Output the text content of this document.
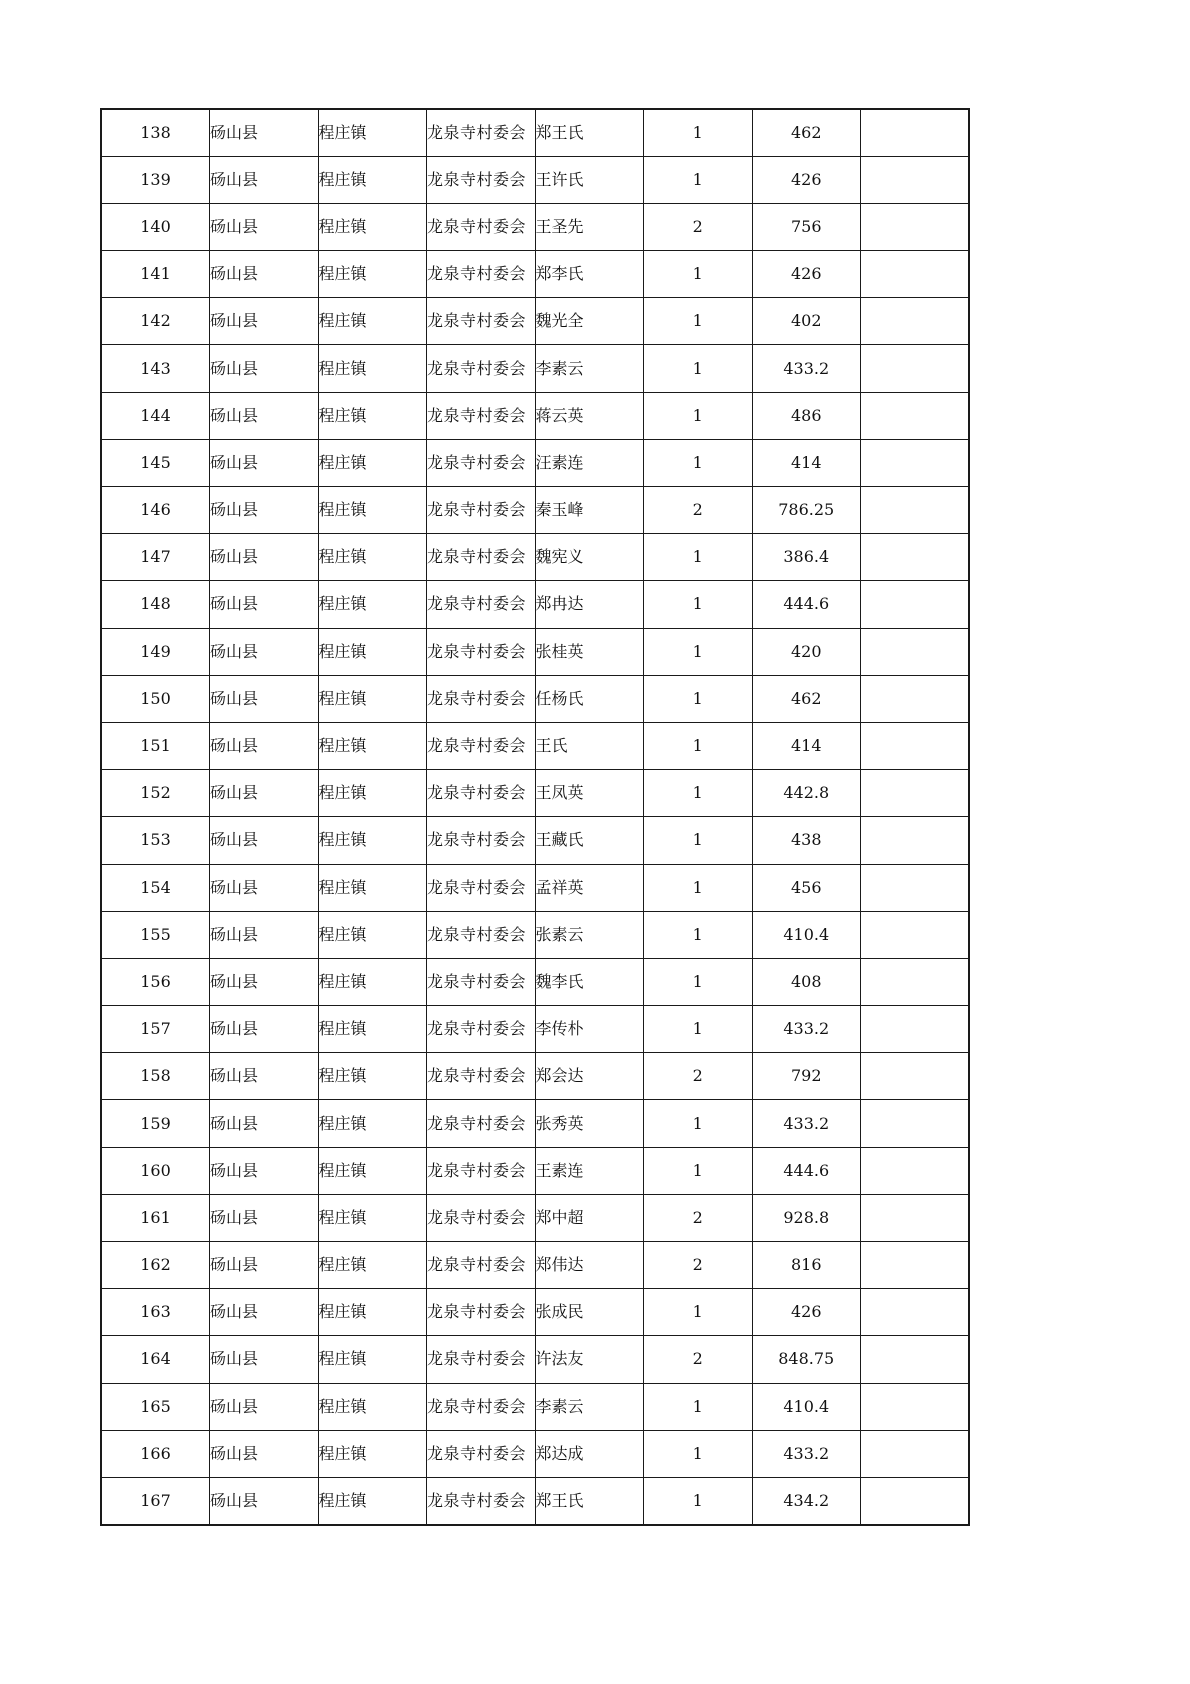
138	砀山县	程庄镇	龙泉寺村委会	郑王氏	1	462	
139	砀山县	程庄镇	龙泉寺村委会	王许氏	1	426	
140	砀山县	程庄镇	龙泉寺村委会	王圣先	2	756	
141	砀山县	程庄镇	龙泉寺村委会	郑李氏	1	426	
142	砀山县	程庄镇	龙泉寺村委会	魏光全	1	402	
143	砀山县	程庄镇	龙泉寺村委会	李素云	1	433.2	
144	砀山县	程庄镇	龙泉寺村委会	蒋云英	1	486	
145	砀山县	程庄镇	龙泉寺村委会	汪素连	1	414	
146	砀山县	程庄镇	龙泉寺村委会	秦玉峰	2	786.25	
147	砀山县	程庄镇	龙泉寺村委会	魏宪义	1	386.4	
148	砀山县	程庄镇	龙泉寺村委会	郑冉达	1	444.6	
149	砀山县	程庄镇	龙泉寺村委会	张桂英	1	420	
150	砀山县	程庄镇	龙泉寺村委会	任杨氏	1	462	
151	砀山县	程庄镇	龙泉寺村委会	王氏	1	414	
152	砀山县	程庄镇	龙泉寺村委会	王凤英	1	442.8	
153	砀山县	程庄镇	龙泉寺村委会	王藏氏	1	438	
154	砀山县	程庄镇	龙泉寺村委会	孟祥英	1	456	
155	砀山县	程庄镇	龙泉寺村委会	张素云	1	410.4	
156	砀山县	程庄镇	龙泉寺村委会	魏李氏	1	408	
157	砀山县	程庄镇	龙泉寺村委会	李传朴	1	433.2	
158	砀山县	程庄镇	龙泉寺村委会	郑会达	2	792	
159	砀山县	程庄镇	龙泉寺村委会	张秀英	1	433.2	
160	砀山县	程庄镇	龙泉寺村委会	王素连	1	444.6	
161	砀山县	程庄镇	龙泉寺村委会	郑中超	2	928.8	
162	砀山县	程庄镇	龙泉寺村委会	郑伟达	2	816	
163	砀山县	程庄镇	龙泉寺村委会	张成民	1	426	
164	砀山县	程庄镇	龙泉寺村委会	许法友	2	848.75	
165	砀山县	程庄镇	龙泉寺村委会	李素云	1	410.4	
166	砀山县	程庄镇	龙泉寺村委会	郑达成	1	433.2	
167	砀山县	程庄镇	龙泉寺村委会	郑王氏	1	434.2	
